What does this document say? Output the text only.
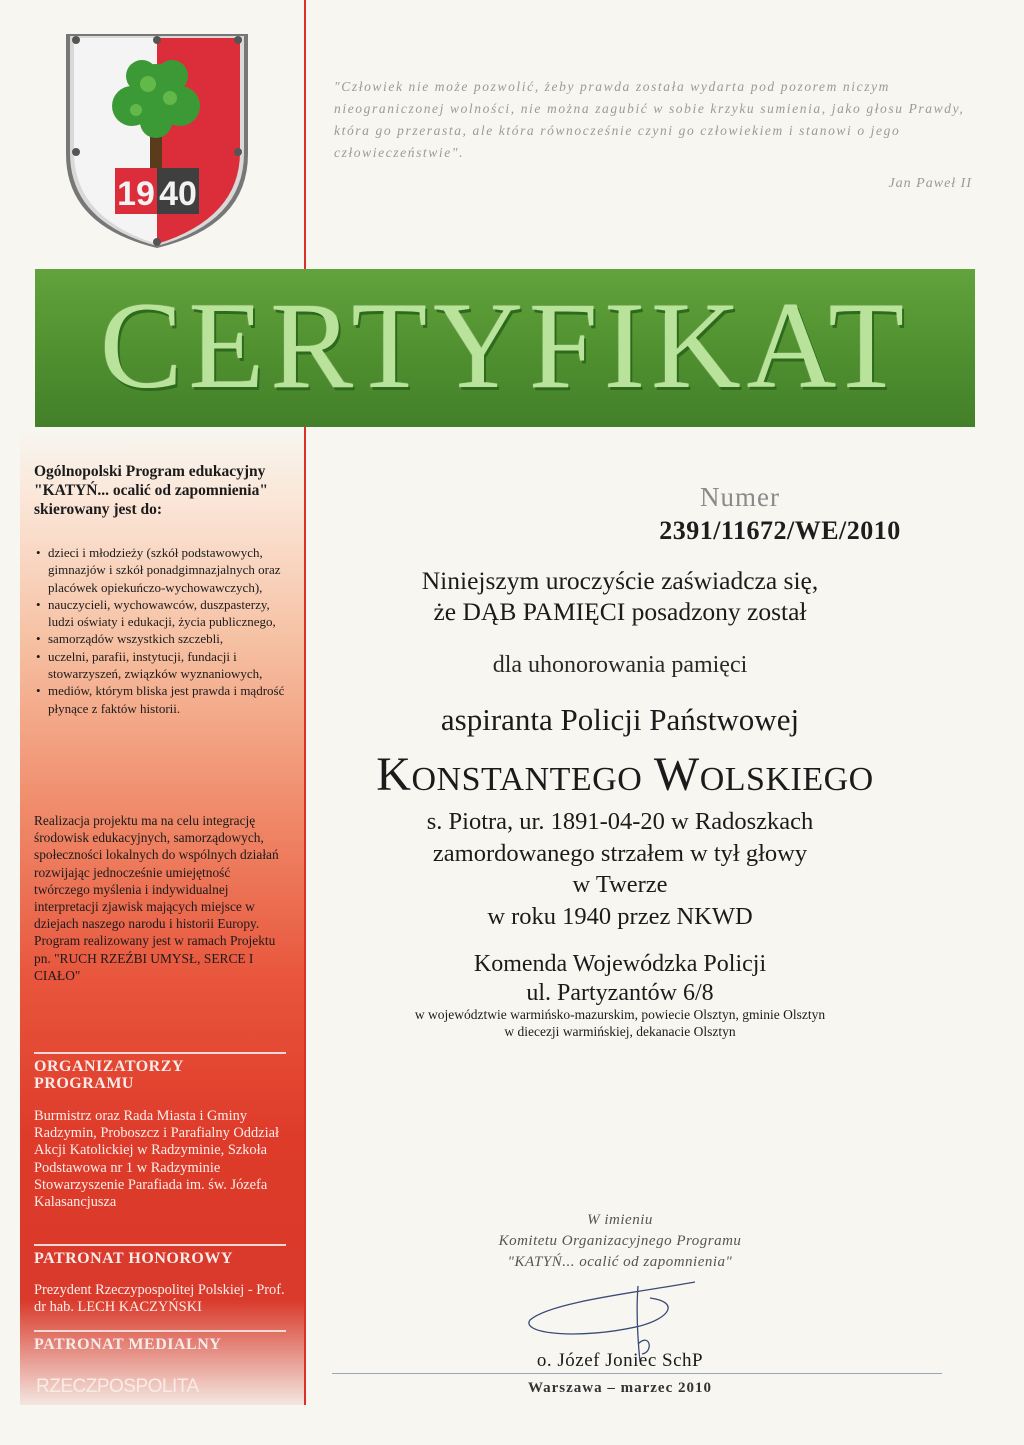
19 40
"Człowiek nie może pozwolić, żeby prawda została wydarta pod pozorem niczym nieograniczonej wolności, nie można zagubić w sobie krzyku sumienia, jako głosu Prawdy, która go przerasta, ale która równocześnie czyni go człowiekiem i stanowi o jego człowieczeństwie".
Jan Paweł II
CERTYFIKAT
Ogólnopolski Program edukacyjny "KATYŃ... ocalić od zapomnienia" skierowany jest do:
• dzieci i młodzieży (szkół podstawowych, gimnazjów i szkół ponadgimnazjalnych oraz placówek opiekuńczo-wychowawczych),
• nauczycieli, wychowawców, duszpasterzy, ludzi oświaty i edukacji, życia publicznego,
• samorządów wszystkich szczebli,
• uczelni, parafii, instytucji, fundacji i stowarzyszeń, związków wyznaniowych,
• mediów, którym bliska jest prawda i mądrość płynące z faktów historii.
Realizacja projektu ma na celu integrację środowisk edukacyjnych, samorządowych, społeczności lokalnych do wspólnych działań rozwijając jednocześnie umiejętność twórczego myślenia i indywidualnej interpretacji zjawisk mających miejsce w dziejach naszego narodu i historii Europy. Program realizowany jest w ramach Projektu pn. "RUCH RZEŹBI UMYSŁ, SERCE I CIAŁO"
ORGANIZATORZY PROGRAMU
Burmistrz oraz Rada Miasta i Gminy Radzymin, Proboszcz i Parafialny Oddział Akcji Katolickiej w Radzyminie, Szkoła Podstawowa nr 1 w Radzyminie Stowarzyszenie Parafiada im. św. Józefa Kalasancjusza
PATRONAT HONOROWY
Prezydent Rzeczypospolitej Polskiej - Prof. dr hab. LECH KACZYŃSKI
PATRONAT MEDIALNY
RZECZPOSPOLITA
Numer
2391/11672/WE/2010
Niniejszym uroczyście zaświadcza się,
że DĄB PAMIĘCI posadzony został
dla uhonorowania pamięci
aspiranta Policji Państwowej
Konstantego Wolskiego
s. Piotra, ur. 1891-04-20 w Radoszkach
zamordowanego strzałem w tył głowy
w Twerze
w roku 1940 przez NKWD
Komenda Wojewódzka Policji
ul. Partyzantów 6/8
w województwie warmińsko-mazurskim, powiecie Olsztyn, gminie Olsztyn
w diecezji warmińskiej, dekanacie Olsztyn
W imieniu
Komitetu Organizacyjnego Programu
"KATYŃ... ocalić od zapomnienia"
o. Józef Joniec SchP
Warszawa – marzec 2010
